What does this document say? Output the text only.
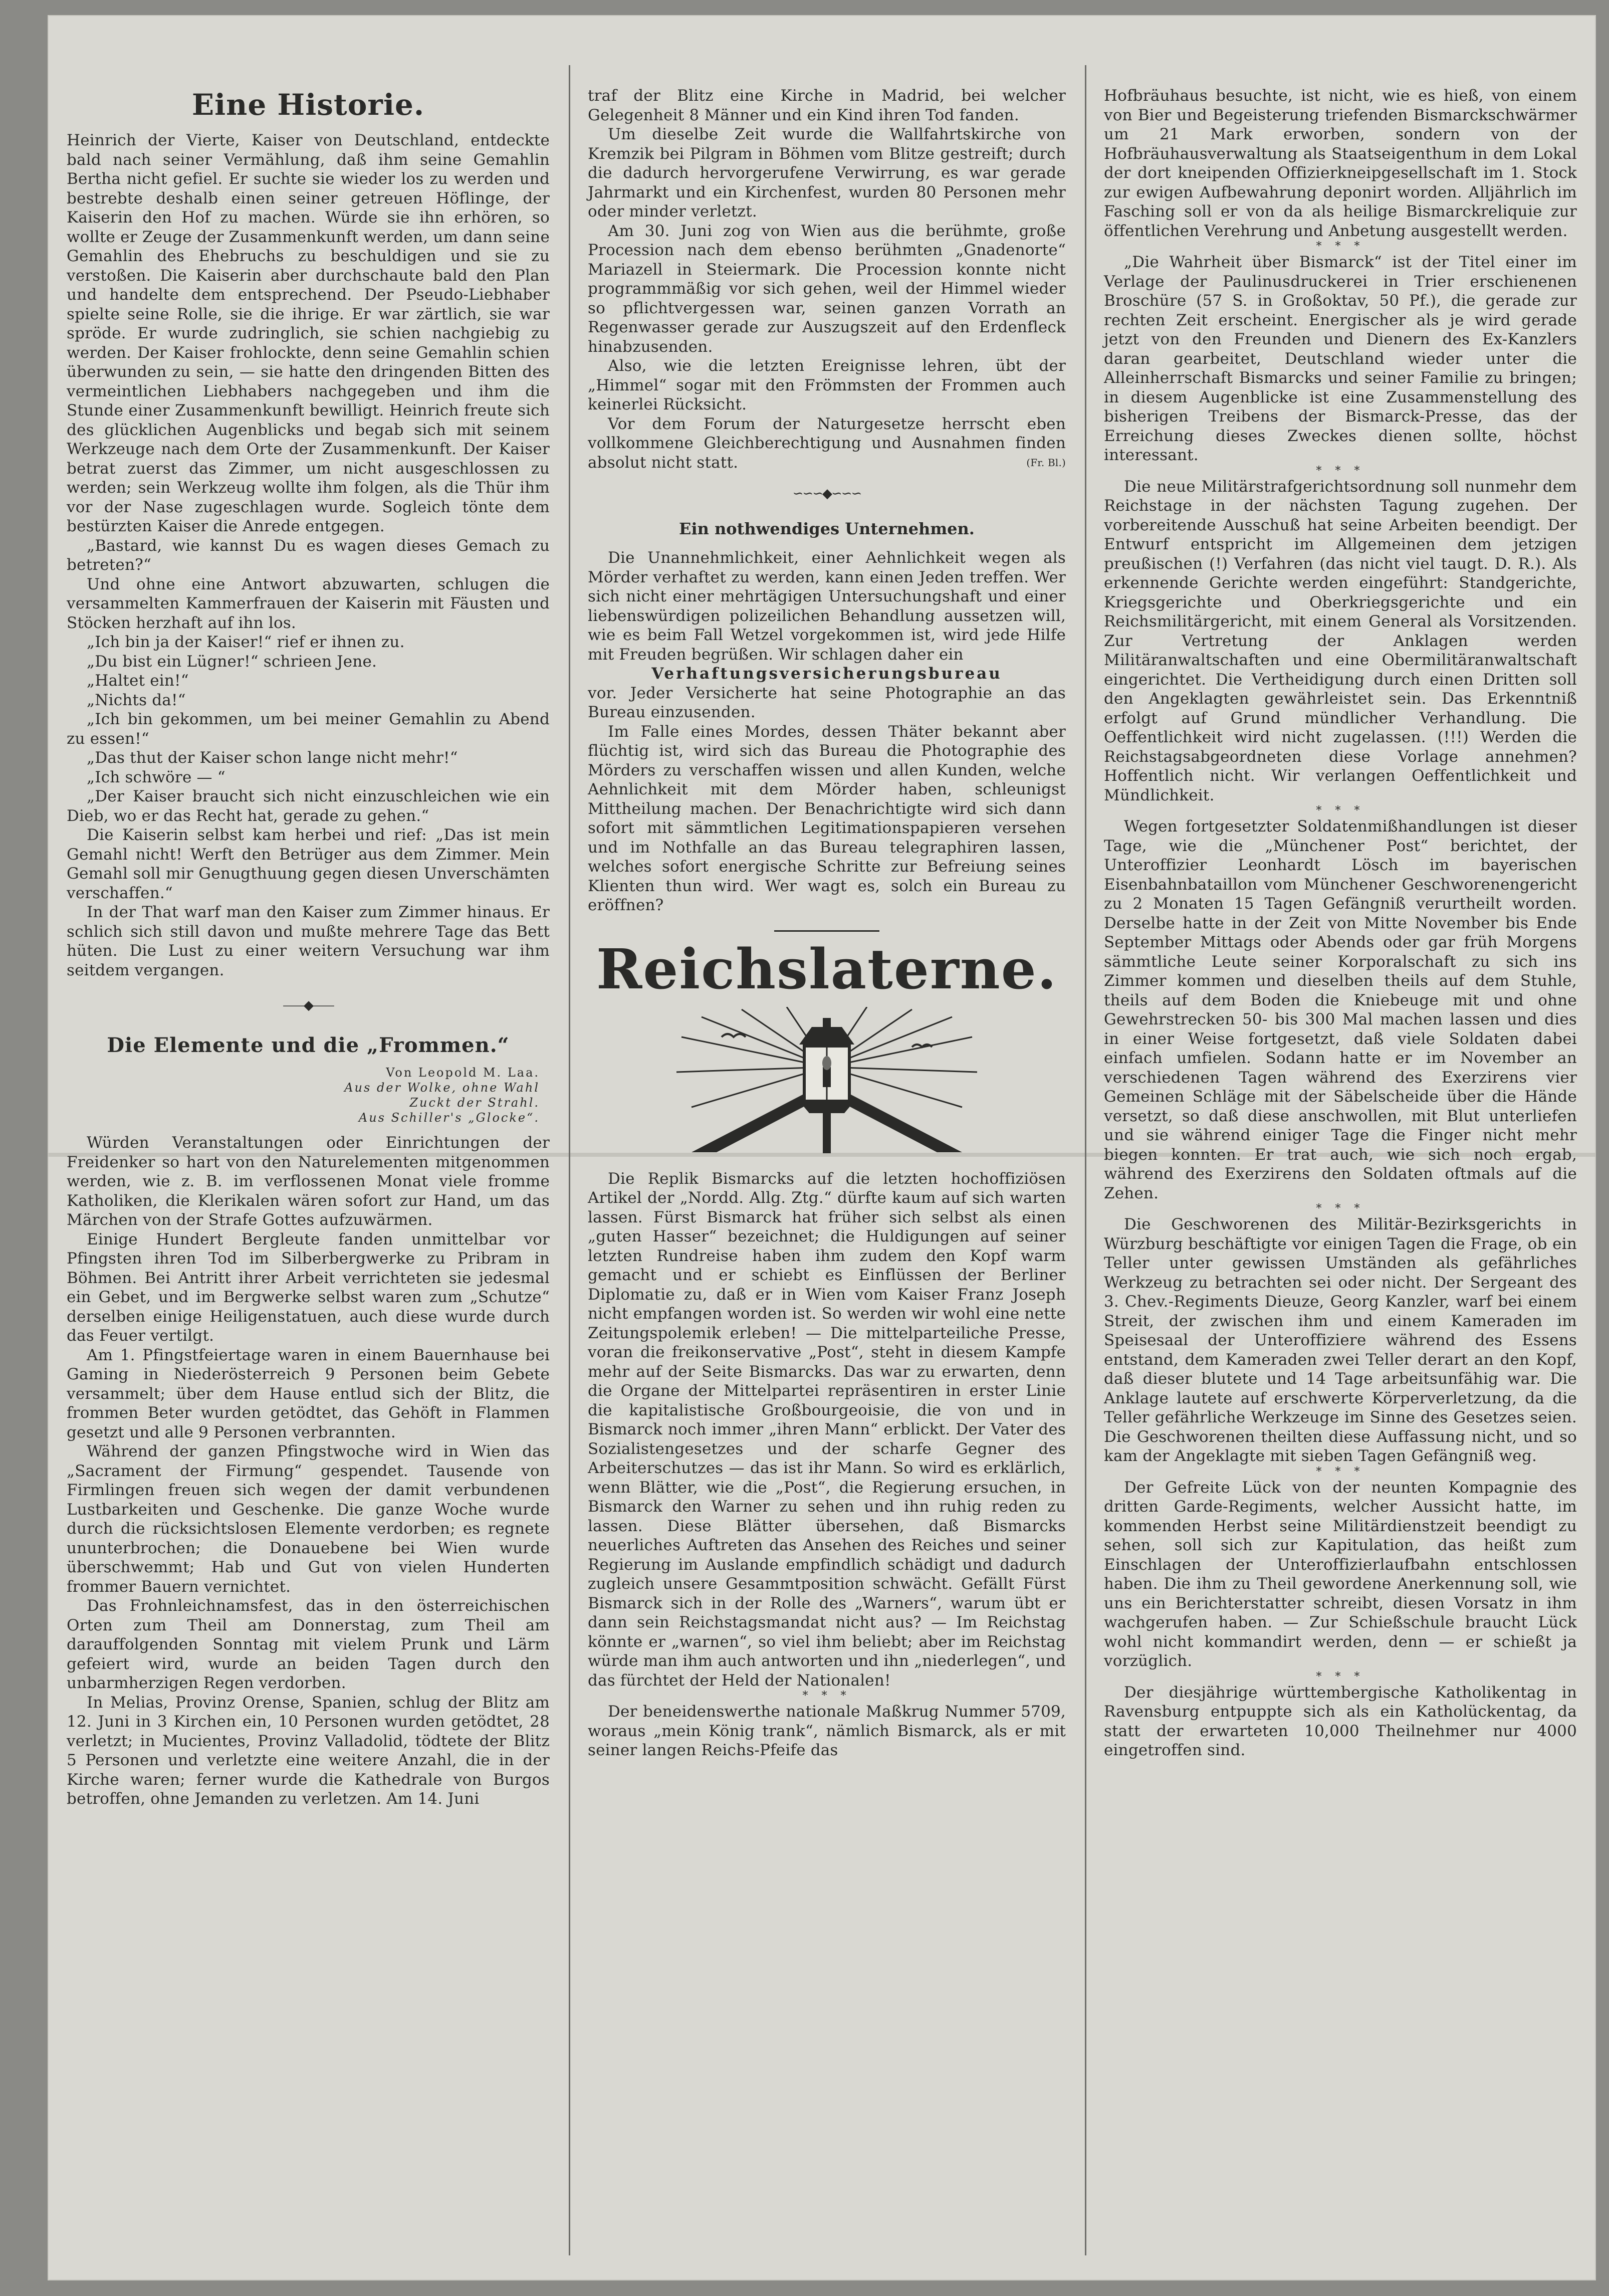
Eine Historie.

Heinrich der Vierte, Kaiser von Deutschland, entdeckte bald nach seiner Vermählung, daß ihm seine Gemahlin Bertha nicht gefiel. Er suchte sie wieder los zu werden und bestrebte deshalb einen seiner getreuen Höflinge, der Kaiserin den Hof zu machen. Würde sie ihn erhören, so wollte er Zeuge der Zusammenkunft werden, um dann seine Gemahlin des Ehebruchs zu beschuldigen und sie zu verstoßen. Die Kaiserin aber durchschaute bald den Plan und handelte dem entsprechend. Der Pseudo-Liebhaber spielte seine Rolle, sie die ihrige. Er war zärtlich, sie war spröde. Er wurde zudringlich, sie schien nachgiebig zu werden. Der Kaiser frohlockte, denn seine Gemahlin schien überwunden zu sein, — sie hatte den dringenden Bitten des vermeintlichen Liebhabers nachgegeben und ihm die Stunde einer Zusammenkunft bewilligt. Heinrich freute sich des glücklichen Augenblicks und begab sich mit seinem Werkzeuge nach dem Orte der Zusammenkunft. Der Kaiser betrat zuerst das Zimmer, um nicht ausgeschlossen zu werden; sein Werkzeug wollte ihm folgen, als die Thür ihm vor der Nase zugeschlagen wurde. Sogleich tönte dem bestürzten Kaiser die Anrede entgegen.

„Bastard, wie kannst Du es wagen dieses Gemach zu betreten?“

Und ohne eine Antwort abzuwarten, schlugen die versammelten Kammerfrauen der Kaiserin mit Fäusten und Stöcken herzhaft auf ihn los.

„Ich bin ja der Kaiser!“ rief er ihnen zu.

„Du bist ein Lügner!“ schrieen Jene.

„Haltet ein!“

„Nichts da!“

„Ich bin gekommen, um bei meiner Gemahlin zu Abend zu essen!“

„Das thut der Kaiser schon lange nicht mehr!“

„Ich schwöre — “

„Der Kaiser braucht sich nicht einzuschleichen wie ein Dieb, wo er das Recht hat, gerade zu gehen.“

Die Kaiserin selbst kam herbei und rief: „Das ist mein Gemahl nicht! Werft den Betrüger aus dem Zimmer. Mein Gemahl soll mir Genugthuung gegen diesen Unverschämten verschaffen.“

In der That warf man den Kaiser zum Zimmer hinaus. Er schlich sich still davon und mußte mehrere Tage das Bett hüten. Die Lust zu einer weitern Versuchung war ihm seitdem vergangen.

⸺◆⸺
Die Elemente und die „Frommen.“
Von Leopold M. Laa.
Aus der Wolke, ohne Wahl
Zuckt der Strahl.
Aus Schiller's „Glocke“.

Würden Veranstaltungen oder Einrichtungen der Freidenker so hart von den Naturelementen mitgenommen werden, wie z. B. im verflossenen Monat viele fromme Katholiken, die Klerikalen wären sofort zur Hand, um das Märchen von der Strafe Gottes aufzuwärmen.

Einige Hundert Bergleute fanden unmittelbar vor Pfingsten ihren Tod im Silberbergwerke zu Pribram in Böhmen. Bei Antritt ihrer Arbeit verrichteten sie jedesmal ein Gebet, und im Bergwerke selbst waren zum „Schutze“ derselben einige Heiligenstatuen, auch diese wurde durch das Feuer vertilgt.

Am 1. Pfingstfeiertage waren in einem Bauernhause bei Gaming in Niederösterreich 9 Personen beim Gebete versammelt; über dem Hause entlud sich der Blitz, die frommen Beter wurden getödtet, das Gehöft in Flammen gesetzt und alle 9 Personen verbrannten.

Während der ganzen Pfingstwoche wird in Wien das „Sacrament der Firmung“ gespendet. Tausende von Firmlingen freuen sich wegen der damit verbundenen Lustbarkeiten und Geschenke. Die ganze Woche wurde durch die rücksichtslosen Elemente verdorben; es regnete ununterbrochen; die Donauebene bei Wien wurde überschwemmt; Hab und Gut von vielen Hunderten frommer Bauern vernichtet.

Das Frohnleichnamsfest, das in den österreichischen Orten zum Theil am Donnerstag, zum Theil am darauffolgenden Sonntag mit vielem Prunk und Lärm gefeiert wird, wurde an beiden Tagen durch den unbarmherzigen Regen verdorben.

In Melias, Provinz Orense, Spanien, schlug der Blitz am 12. Juni in 3 Kirchen ein, 10 Personen wurden getödtet, 28 verletzt; in Mucientes, Provinz Valladolid, tödtete der Blitz 5 Personen und verletzte eine weitere Anzahl, die in der Kirche waren; ferner wurde die Kathedrale von Burgos betroffen, ohne Jemanden zu verletzen. Am 14. Juni

traf der Blitz eine Kirche in Madrid, bei welcher Gelegenheit 8 Männer und ein Kind ihren Tod fanden.

Um dieselbe Zeit wurde die Wallfahrtskirche von Kremzik bei Pilgram in Böhmen vom Blitze gestreift; durch die dadurch hervorgerufene Verwirrung, es war gerade Jahrmarkt und ein Kirchenfest, wurden 80 Personen mehr oder minder verletzt.

Am 30. Juni zog von Wien aus die berühmte, große Procession nach dem ebenso berühmten „Gnadenorte“ Mariazell in Steiermark. Die Procession konnte nicht programmmäßig vor sich gehen, weil der Himmel wieder so pflichtvergessen war, seinen ganzen Vorrath an Regenwasser gerade zur Auszugszeit auf den Erdenfleck hinabzusenden.

Also, wie die letzten Ereignisse lehren, übt der „Himmel“ sogar mit den Frömmsten der Frommen auch keinerlei Rücksicht.

Vor dem Forum der Naturgesetze herrscht eben vollkommene Gleichberechtigung und Ausnahmen finden absolut nicht statt.	(Fr. Bl.)

∽∽∽◆∽∽∽
Ein nothwendiges Unternehmen.

Die Unannehmlichkeit, einer Aehnlichkeit wegen als Mörder verhaftet zu werden, kann einen Jeden treffen. Wer sich nicht einer mehrtägigen Untersuchungshaft und einer liebenswürdigen polizeilichen Behandlung aussetzen will, wie es beim Fall Wetzel vorgekommen ist, wird jede Hilfe mit Freuden begrüßen. Wir schlagen daher ein

Verhaftungsversicherungsbureau

vor. Jeder Versicherte hat seine Photographie an das Bureau einzusenden.

Im Falle eines Mordes, dessen Thäter bekannt aber flüchtig ist, wird sich das Bureau die Photographie des Mörders zu verschaffen wissen und allen Kunden, welche Aehnlichkeit mit dem Mörder haben, schleunigst Mittheilung machen. Der Benachrichtigte wird sich dann sofort mit sämmtlichen Legitimationspapieren versehen und im Nothfalle an das Bureau telegraphiren lassen, welches sofort energische Schritte zur Befreiung seines Klienten thun wird. Wer wagt es, solch ein Bureau zu eröffnen?

Reichslaterne.

Die Replik Bismarcks auf die letzten hochoffiziösen Artikel der „Nordd. Allg. Ztg.“ dürfte kaum auf sich warten lassen. Fürst Bismarck hat früher sich selbst als einen „guten Hasser“ bezeichnet; die Huldigungen auf seiner letzten Rundreise haben ihm zudem den Kopf warm gemacht und er schiebt es Einflüssen der Berliner Diplomatie zu, daß er in Wien vom Kaiser Franz Joseph nicht empfangen worden ist. So werden wir wohl eine nette Zeitungspolemik erleben! — Die mittelparteiliche Presse, voran die freikonservative „Post“, steht in diesem Kampfe mehr auf der Seite Bismarcks. Das war zu erwarten, denn die Organe der Mittelpartei repräsentiren in erster Linie die kapitalistische Großbourgeoisie, die von und in Bismarck noch immer „ihren Mann“ erblickt. Der Vater des Sozialistengesetzes und der scharfe Gegner des Arbeiterschutzes — das ist ihr Mann. So wird es erklärlich, wenn Blätter, wie die „Post“, die Regierung ersuchen, in Bismarck den Warner zu sehen und ihn ruhig reden zu lassen. Diese Blätter übersehen, daß Bismarcks neuerliches Auftreten das Ansehen des Reiches und seiner Regierung im Auslande empfindlich schädigt und dadurch zugleich unsere Gesammtposition schwächt. Gefällt Fürst Bismarck sich in der Rolle des „Warners“, warum übt er dann sein Reichstagsmandat nicht aus? — Im Reichstag könnte er „warnen“, so viel ihm beliebt; aber im Reichstag würde man ihm auch antworten und ihn „niederlegen“, und das fürchtet der Held der Nationalen!

* * *

Der beneidenswerthe nationale Maßkrug Nummer 5709, woraus „mein König trank“, nämlich Bismarck, als er mit seiner langen Reichs-Pfeife das

Hofbräuhaus besuchte, ist nicht, wie es hieß, von einem von Bier und Begeisterung triefenden Bismarckschwärmer um 21 Mark erworben, sondern von der Hofbräuhausverwaltung als Staatseigenthum in dem Lokal der dort kneipenden Offizierkneipgesellschaft im 1. Stock zur ewigen Aufbewahrung deponirt worden. Alljährlich im Fasching soll er von da als heilige Bismarckreliquie zur öffentlichen Verehrung und Anbetung ausgestellt werden.

* * *

„Die Wahrheit über Bismarck“ ist der Titel einer im Verlage der Paulinusdruckerei in Trier erschienenen Broschüre (57 S. in Großoktav, 50 Pf.), die gerade zur rechten Zeit erscheint. Energischer als je wird gerade jetzt von den Freunden und Dienern des Ex-Kanzlers daran gearbeitet, Deutschland wieder unter die Alleinherrschaft Bismarcks und seiner Familie zu bringen; in diesem Augenblicke ist eine Zusammenstellung des bisherigen Treibens der Bismarck-Presse, das der Erreichung dieses Zweckes dienen sollte, höchst interessant.

* * *

Die neue Militärstrafgerichtsordnung soll nunmehr dem Reichstage in der nächsten Tagung zugehen. Der vorbereitende Ausschuß hat seine Arbeiten beendigt. Der Entwurf entspricht im Allgemeinen dem jetzigen preußischen (!) Verfahren (das nicht viel taugt. D. R.). Als erkennende Gerichte werden eingeführt: Standgerichte, Kriegsgerichte und Oberkriegsgerichte und ein Reichsmilitärgericht, mit einem General als Vorsitzenden. Zur Vertretung der Anklagen werden Militäranwaltschaften und eine Obermilitäranwaltschaft eingerichtet. Die Vertheidigung durch einen Dritten soll den Angeklagten gewährleistet sein. Das Erkenntniß erfolgt auf Grund mündlicher Verhandlung. Die Oeffentlichkeit wird nicht zugelassen. (!!!) Werden die Reichstagsabgeordneten diese Vorlage annehmen? Hoffentlich nicht. Wir verlangen Oeffentlichkeit und Mündlichkeit.

* * *

Wegen fortgesetzter Soldatenmißhandlungen ist dieser Tage, wie die „Münchener Post“ berichtet, der Unteroffizier Leonhardt Lösch im bayerischen Eisenbahnbataillon vom Münchener Geschworenengericht zu 2 Monaten 15 Tagen Gefängniß verurtheilt worden. Derselbe hatte in der Zeit von Mitte November bis Ende September Mittags oder Abends oder gar früh Morgens sämmtliche Leute seiner Korporalschaft zu sich ins Zimmer kommen und dieselben theils auf dem Stuhle, theils auf dem Boden die Kniebeuge mit und ohne Gewehrstrecken 50- bis 300 Mal machen lassen und dies in einer Weise fortgesetzt, daß viele Soldaten dabei einfach umfielen. Sodann hatte er im November an verschiedenen Tagen während des Exerzirens vier Gemeinen Schläge mit der Säbelscheide über die Hände versetzt, so daß diese anschwollen, mit Blut unterliefen und sie während einiger Tage die Finger nicht mehr biegen konnten. Er trat auch, wie sich noch ergab, während des Exerzirens den Soldaten oftmals auf die Zehen.

* * *

Die Geschworenen des Militär-Bezirksgerichts in Würzburg beschäftigte vor einigen Tagen die Frage, ob ein Teller unter gewissen Umständen als gefährliches Werkzeug zu betrachten sei oder nicht. Der Sergeant des 3. Chev.-Regiments Dieuze, Georg Kanzler, warf bei einem Streit, der zwischen ihm und einem Kameraden im Speisesaal der Unteroffiziere während des Essens entstand, dem Kameraden zwei Teller derart an den Kopf, daß dieser blutete und 14 Tage arbeitsunfähig war. Die Anklage lautete auf erschwerte Körperverletzung, da die Teller gefährliche Werkzeuge im Sinne des Gesetzes seien. Die Geschworenen theilten diese Auffassung nicht, und so kam der Angeklagte mit sieben Tagen Gefängniß weg.

* * *

Der Gefreite Lück von der neunten Kompagnie des dritten Garde-Regiments, welcher Aussicht hatte, im kommenden Herbst seine Militärdienstzeit beendigt zu sehen, soll sich zur Kapitulation, das heißt zum Einschlagen der Unteroffizierlaufbahn entschlossen haben. Die ihm zu Theil gewordene Anerkennung soll, wie uns ein Berichterstatter schreibt, diesen Vorsatz in ihm wachgerufen haben. — Zur Schießschule braucht Lück wohl nicht kommandirt werden, denn — er schießt ja vorzüglich.

* * *

Der diesjährige württembergische Katholikentag in Ravensburg entpuppte sich als ein Katholückentag, da statt der erwarteten 10,000 Theilnehmer nur 4000 eingetroffen sind.
